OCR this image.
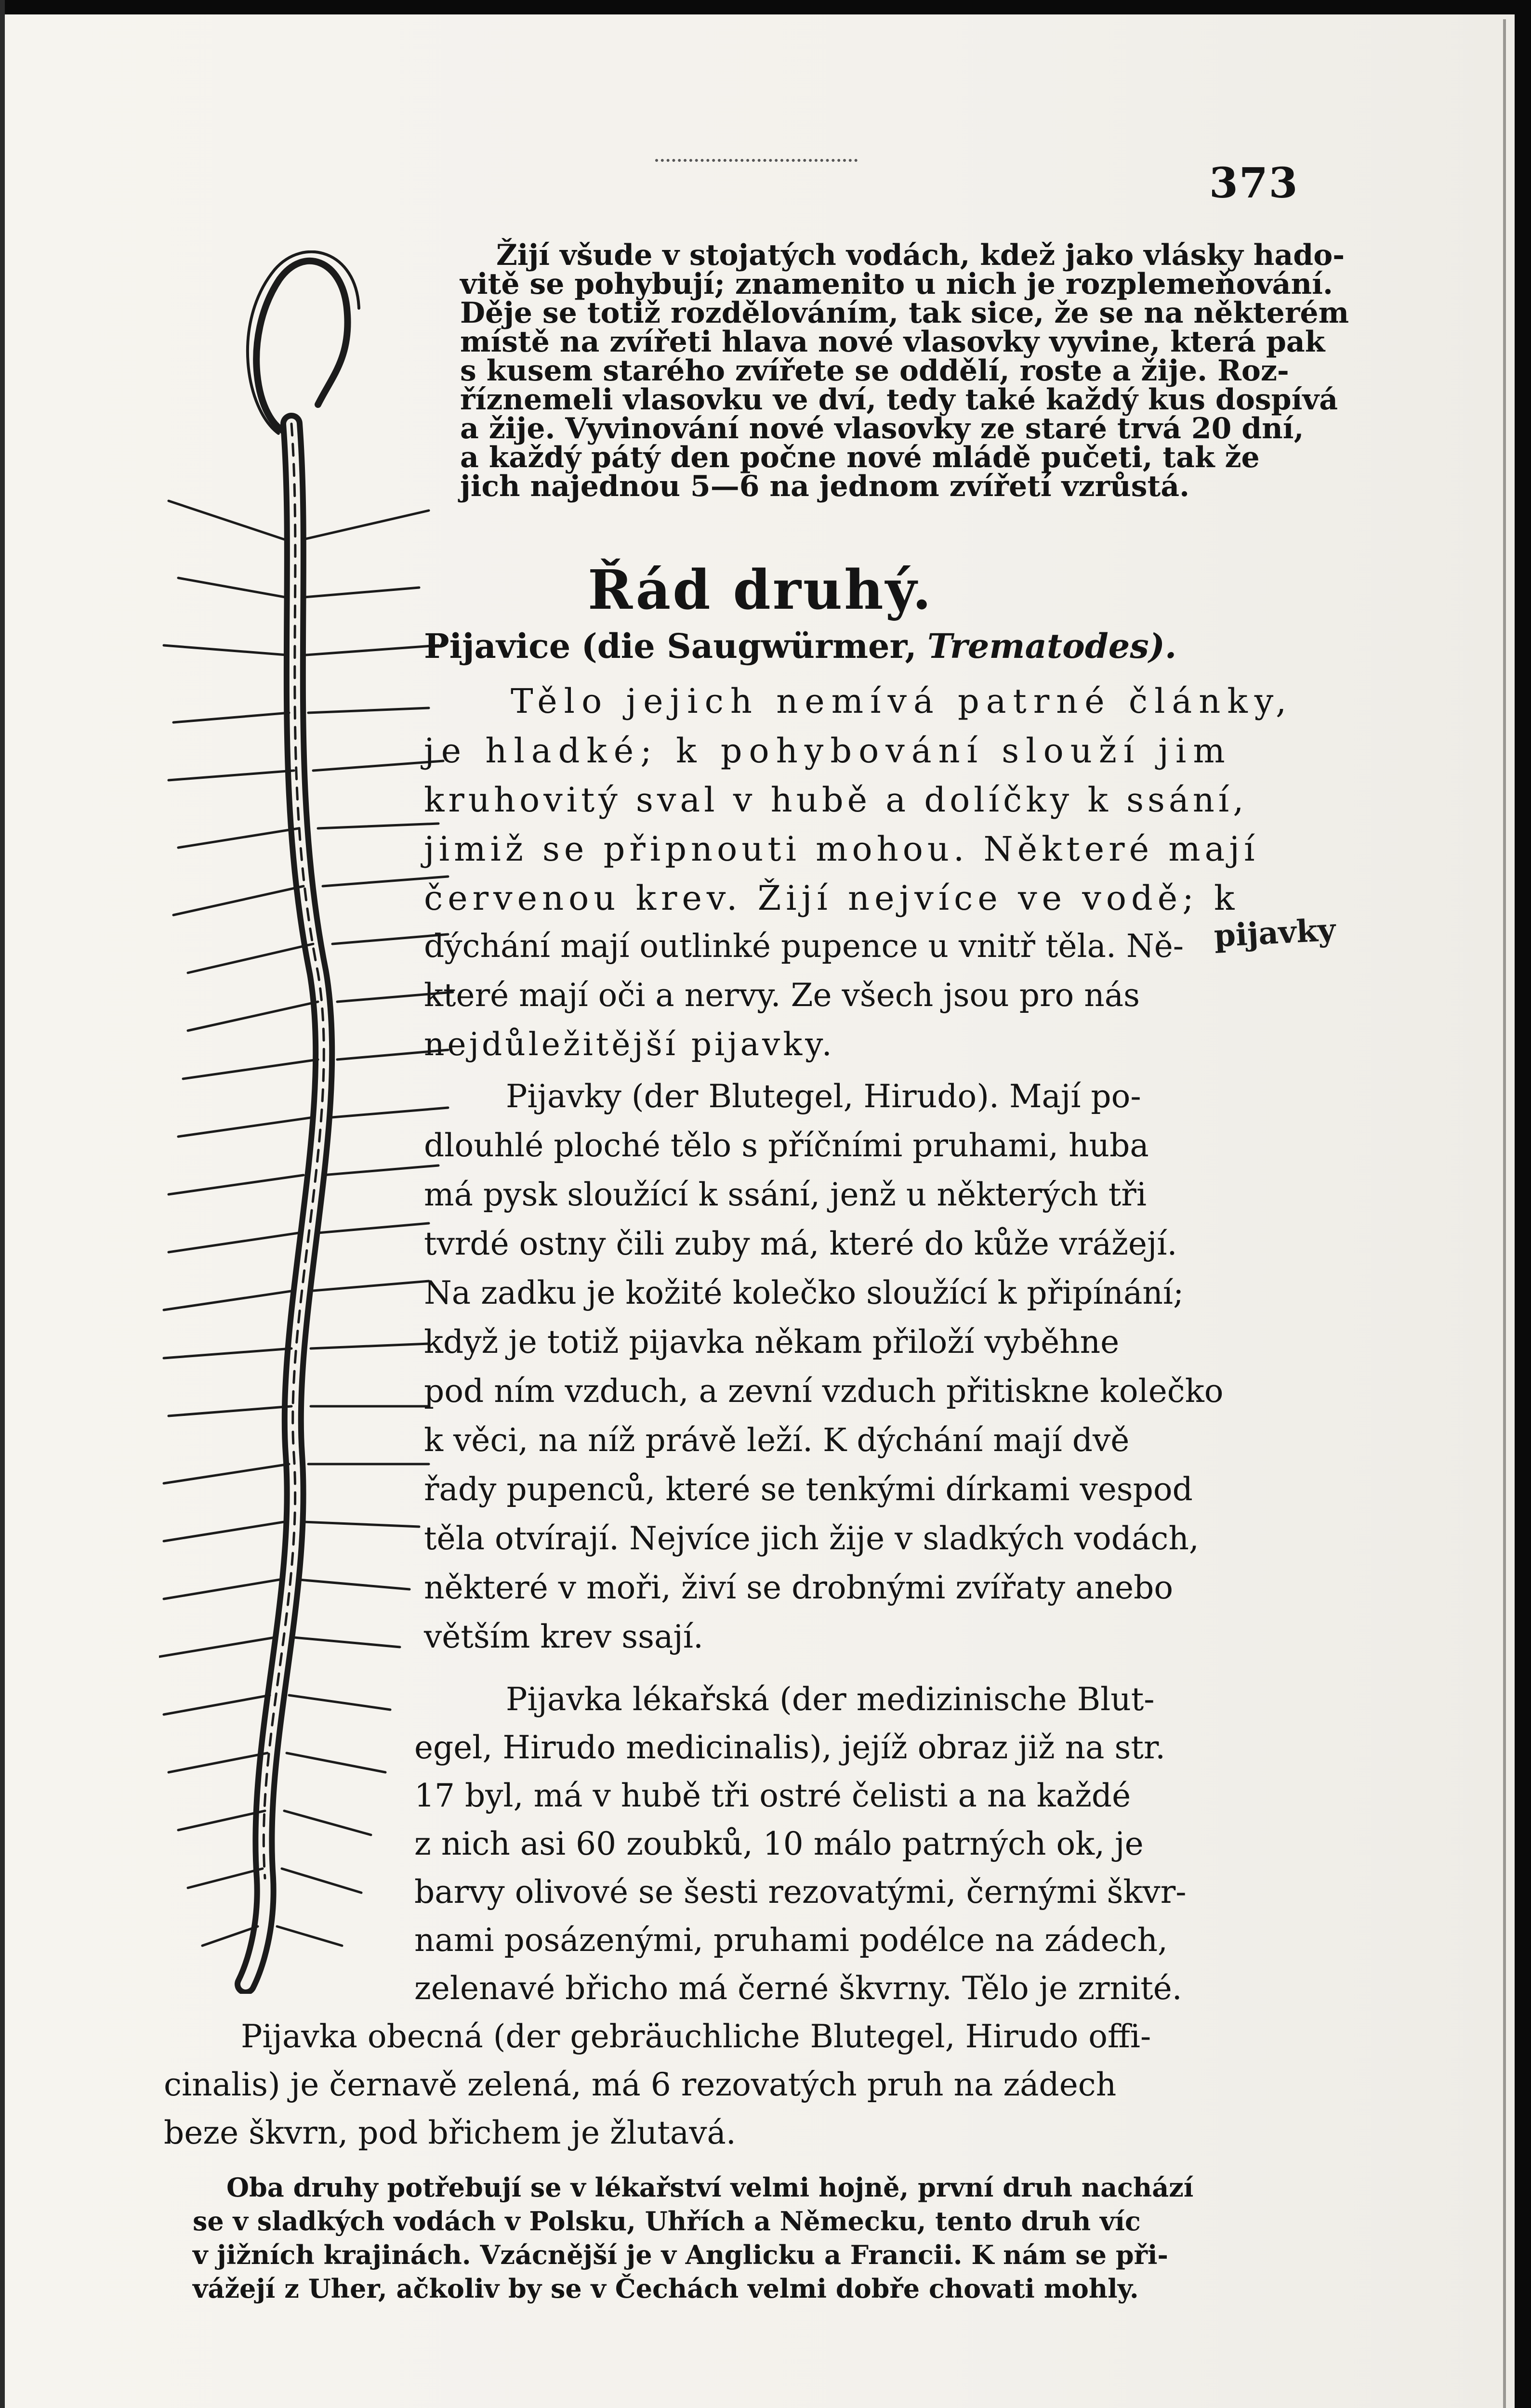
373
Žijí všude v stojatých vodách, kdež jako vlásky hado-
vitě se pohybují; znamenito u nich je rozplemeňování.
Děje se totiž rozdělováním, tak sice, že se na některém
místě na zvířeti hlava nové vlasovky vyvine, která pak
s kusem starého zvířete se oddělí, roste a žije. Roz-
říznemeli vlasovku ve dví, tedy také každý kus dospívá
a žije. Vyvinování nové vlasovky ze staré trvá 20 dní,
a každý pátý den počne nové mládě pučeti, tak že
jich najednou 5—6 na jednom zvířetí vzrůstá.
Řád druhý.
Pijavice (die Saugwürmer, Trematodes).
Tělo jejich nemívá patrné články,
je hladké; k pohybování slouží jim
kruhovitý sval v hubě a dolíčky k ssání,
jimiž se připnouti mohou. Některé mají
červenou krev. Žijí nejvíce ve vodě; k
dýchání mají outlinké pupence u vnitř těla. Ně-
které mají oči a nervy. Ze všech jsou pro nás
nejdůležitější pijavky.
pijavky
Pijavky (der Blutegel, Hirudo). Mají po-
dlouhlé ploché tělo s příčními pruhami, huba
má pysk sloužící k ssání, jenž u některých tři
tvrdé ostny čili zuby má, které do kůže vrážejí.
Na zadku je kožité kolečko sloužící k připínání;
když je totiž pijavka někam přiloží vyběhne
pod ním vzduch, a zevní vzduch přitiskne kolečko
k věci, na níž právě leží. K dýchání mají dvě
řady pupenců, které se tenkými dírkami vespod
těla otvírají. Nejvíce jich žije v sladkých vodách,
některé v moři, živí se drobnými zvířaty anebo
větším krev ssají.
Pijavka lékařská (der medizinische Blut-
egel, Hirudo medicinalis), jejíž obraz již na str.
17 byl, má v hubě tři ostré čelisti a na každé
z nich asi 60 zoubků, 10 málo patrných ok, je
barvy olivové se šesti rezovatými, černými škvr-
nami posázenými, pruhami podélce na zádech,
zelenavé břicho má černé škvrny. Tělo je zrnité.
Pijavka obecná (der gebräuchliche Blutegel, Hirudo offi-
cinalis) je černavě zelená, má 6 rezovatých pruh na zádech
beze škvrn, pod břichem je žlutavá.
Oba druhy potřebují se v lékařství velmi hojně, první druh nachází
se v sladkých vodách v Polsku, Uhřích a Německu, tento druh víc
v jižních krajinách. Vzácnější je v Anglicku a Francii. K nám se při-
vážejí z Uher, ačkoliv by se v Čechách velmi dobře chovati mohly.
